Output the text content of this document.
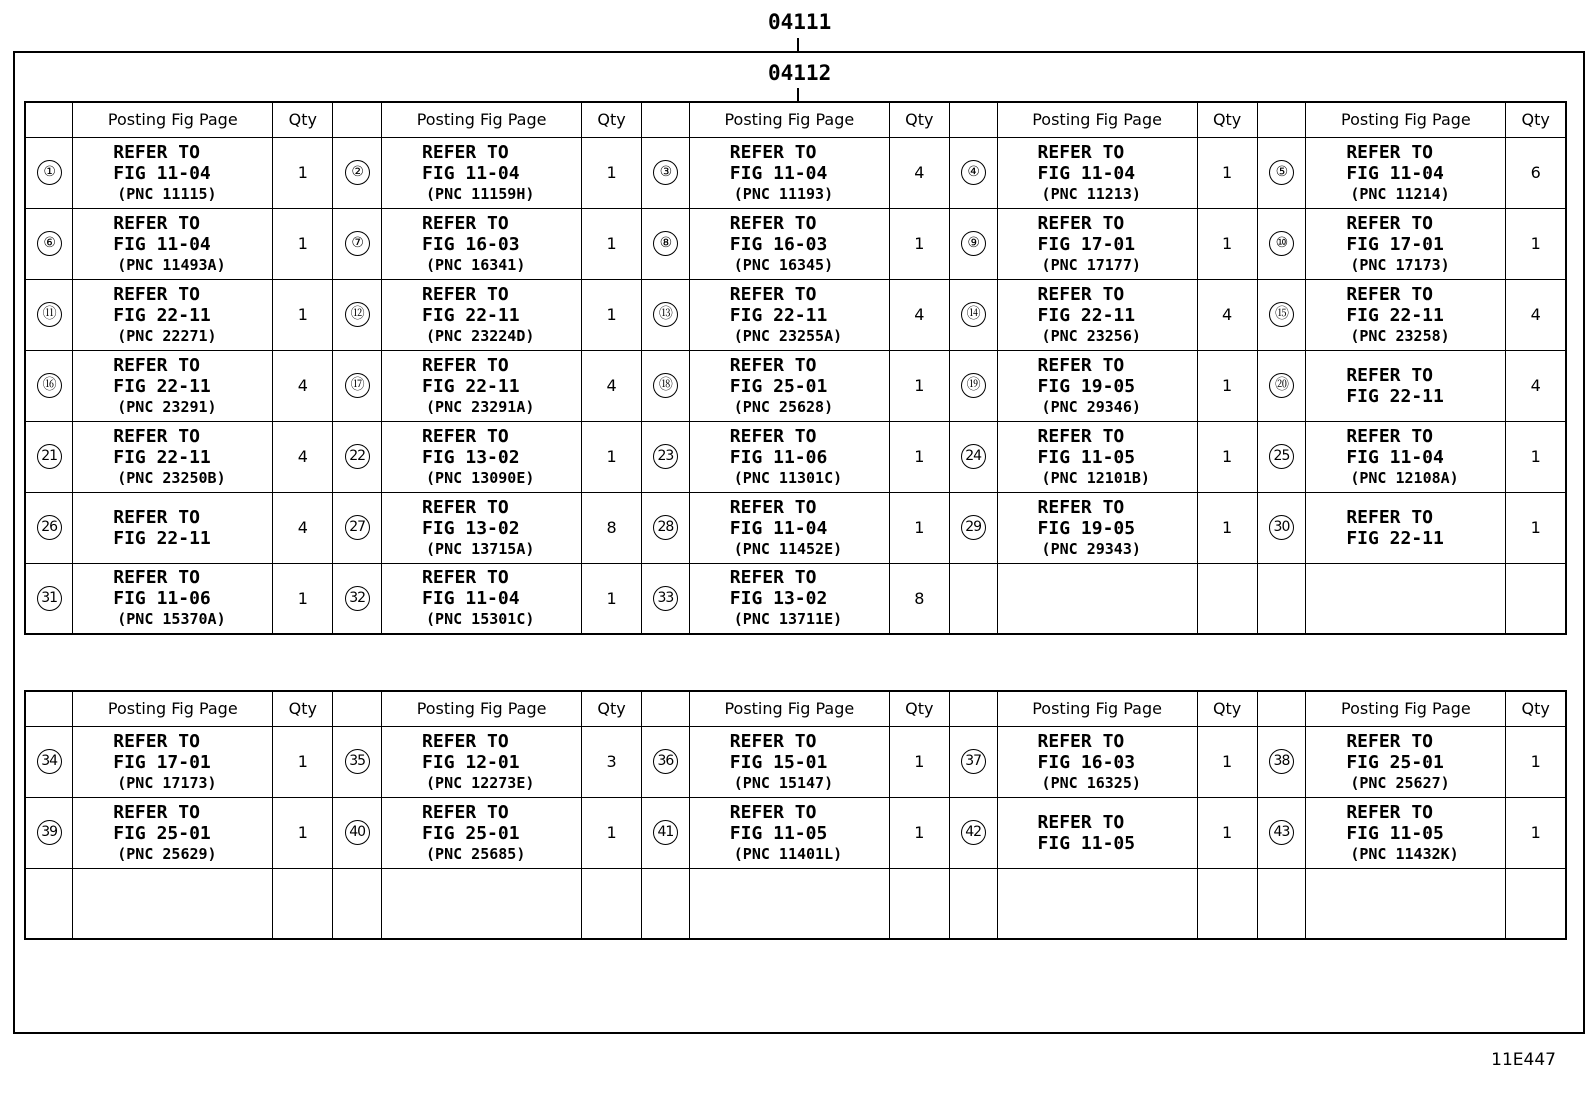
04111
04112
	Posting Fig Page	Qty		Posting Fig Page	Qty		Posting Fig Page	Qty		Posting Fig Page	Qty		Posting Fig Page	Qty
①	REFER TO
FIG 11-04
(PNC 11115)	1	②	REFER TO
FIG 11-04
(PNC 11159H)	1	③	REFER TO
FIG 11-04
(PNC 11193)	4	④	REFER TO
FIG 11-04
(PNC 11213)	1	⑤	REFER TO
FIG 11-04
(PNC 11214)	6
⑥	REFER TO
FIG 11-04
(PNC 11493A)	1	⑦	REFER TO
FIG 16-03
(PNC 16341)	1	⑧	REFER TO
FIG 16-03
(PNC 16345)	1	⑨	REFER TO
FIG 17-01
(PNC 17177)	1	⑩	REFER TO
FIG 17-01
(PNC 17173)	1
⑪	REFER TO
FIG 22-11
(PNC 22271)	1	⑫	REFER TO
FIG 22-11
(PNC 23224D)	1	⑬	REFER TO
FIG 22-11
(PNC 23255A)	4	⑭	REFER TO
FIG 22-11
(PNC 23256)	4	⑮	REFER TO
FIG 22-11
(PNC 23258)	4
⑯	REFER TO
FIG 22-11
(PNC 23291)	4	⑰	REFER TO
FIG 22-11
(PNC 23291A)	4	⑱	REFER TO
FIG 25-01
(PNC 25628)	1	⑲	REFER TO
FIG 19-05
(PNC 29346)	1	⑳	REFER TO
FIG 22-11	4
21	REFER TO
FIG 22-11
(PNC 23250B)	4	22	REFER TO
FIG 13-02
(PNC 13090E)	1	23	REFER TO
FIG 11-06
(PNC 11301C)	1	24	REFER TO
FIG 11-05
(PNC 12101B)	1	25	REFER TO
FIG 11-04
(PNC 12108A)	1
26	REFER TO
FIG 22-11	4	27	REFER TO
FIG 13-02
(PNC 13715A)	8	28	REFER TO
FIG 11-04
(PNC 11452E)	1	29	REFER TO
FIG 19-05
(PNC 29343)	1	30	REFER TO
FIG 22-11	1
31	REFER TO
FIG 11-06
(PNC 15370A)	1	32	REFER TO
FIG 11-04
(PNC 15301C)	1	33	REFER TO
FIG 13-02
(PNC 13711E)	8						
	Posting Fig Page	Qty		Posting Fig Page	Qty		Posting Fig Page	Qty		Posting Fig Page	Qty		Posting Fig Page	Qty
34	REFER TO
FIG 17-01
(PNC 17173)	1	35	REFER TO
FIG 12-01
(PNC 12273E)	3	36	REFER TO
FIG 15-01
(PNC 15147)	1	37	REFER TO
FIG 16-03
(PNC 16325)	1	38	REFER TO
FIG 25-01
(PNC 25627)	1
39	REFER TO
FIG 25-01
(PNC 25629)	1	40	REFER TO
FIG 25-01
(PNC 25685)	1	41	REFER TO
FIG 11-05
(PNC 11401L)	1	42	REFER TO
FIG 11-05	1	43	REFER TO
FIG 11-05
(PNC 11432K)	1

11E447
